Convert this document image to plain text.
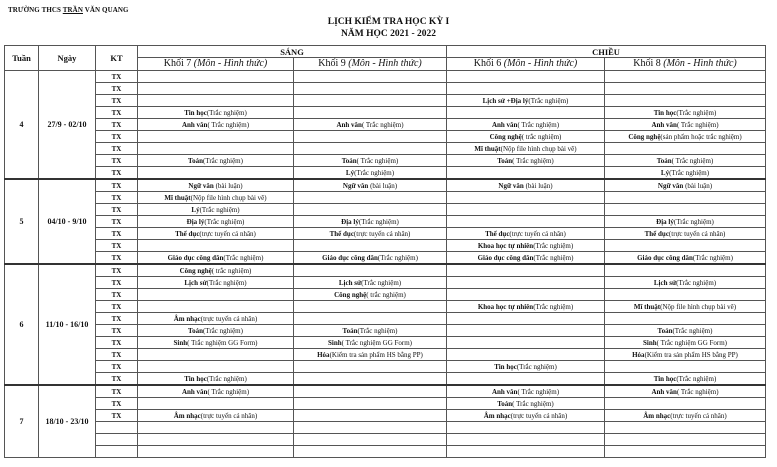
TRƯỜNG THCS TRẦN VĂN QUANG
LỊCH KIỂM TRA HỌC KỲ I
NĂM HỌC 2021 - 2022
Tuần	Ngày	KT	SÁNG		CHIỀU	
			Khối 7 (Môn - Hình thức)	Khối 9 (Môn - Hình thức)	Khối 6 (Môn - Hình thức)	Khối 8 (Môn - Hình thức)
4	27/9 - 02/10	TX				
		TX				
		TX			Lịch sử +Địa lý(Trắc nghiệm)	
		TX	Tin học(Trắc nghiệm)			Tin học(Trắc nghiệm)
		TX	Anh văn( Trắc nghiệm)	Anh văn( Trắc nghiệm)	Anh văn( Trắc nghiệm)	Anh văn( Trắc nghiệm)
		TX			Công nghệ( trắc nghiệm)	Công nghệ(sản phẩm hoặc trắc nghiệm)
		TX			Mĩ thuật(Nộp file hình chụp bài vẽ)	
		TX	Toán(Trắc nghiệm)	Toán( Trắc nghiệm)	Toán( Trắc nghiệm)	Toán( Trắc nghiệm)
		TX		Lý(Trắc nghiệm)		Lý(Trắc nghiệm)
5	04/10 - 9/10	TX	Ngữ văn (bài luận)	Ngữ văn (bài luận)	Ngữ văn (bài luận)	Ngữ văn (bài luận)
		TX	Mĩ thuật(Nộp file hình chụp bài vẽ)			
		TX	Lý(Trắc nghiệm)			
		TX	Địa lý(Trắc nghiệm)	Địa lý(Trắc nghiệm)		Địa lý(Trắc nghiệm)
		TX	Thể dục(trực tuyến cá nhân)	Thể dục(trực tuyến cá nhân)	Thể dục(trực tuyến cá nhân)	Thể dục(trực tuyến cá nhân)
		TX			Khoa học tự nhiên(Trắc nghiệm)	
		TX	Giáo dục công dân(Trắc nghiệm)	Giáo dục công dân(Trắc nghiệm)	Giáo dục công dân(Trắc nghiệm)	Giáo dục công dân(Trắc nghiệm)
6	11/10 - 16/10	TX	Công nghệ( trắc nghiệm)			
		TX	Lịch sử(Trắc nghiệm)	Lịch sử(Trắc nghiệm)		Lịch sử(Trắc nghiệm)
		TX		Công nghệ( trắc nghiệm)		
		TX			Khoa học tự nhiên(Trắc nghiệm)	Mĩ thuật(Nộp file hình chụp bài vẽ)
		TX	Âm nhạc(trực tuyến cá nhân)			
		TX	Toán(Trắc nghiệm)	Toán(Trắc nghiệm)		Toán(Trắc nghiệm)
		TX	Sinh( Trắc nghiệm GG Form)	Sinh( Trắc nghiệm GG Form)		Sinh( Trắc nghiệm GG Form)
		TX		Hóa(Kiểm tra sản phẩm HS bằng PP)		Hóa(Kiểm tra sản phẩm HS bằng PP)
		TX			Tin học(Trắc nghiệm)	
		TX	Tin học(Trắc nghiệm)			Tin học(Trắc nghiệm)
7	18/10 - 23/10	TX	Anh văn( Trắc nghiệm)		Anh văn( Trắc nghiệm)	Anh văn( Trắc nghiệm)
		TX			Toán( Trắc nghiệm)	
		TX	Âm nhạc(trực tuyến cá nhân)		Âm nhạc(trực tuyến cá nhân)	Âm nhạc(trực tuyến cá nhân)
